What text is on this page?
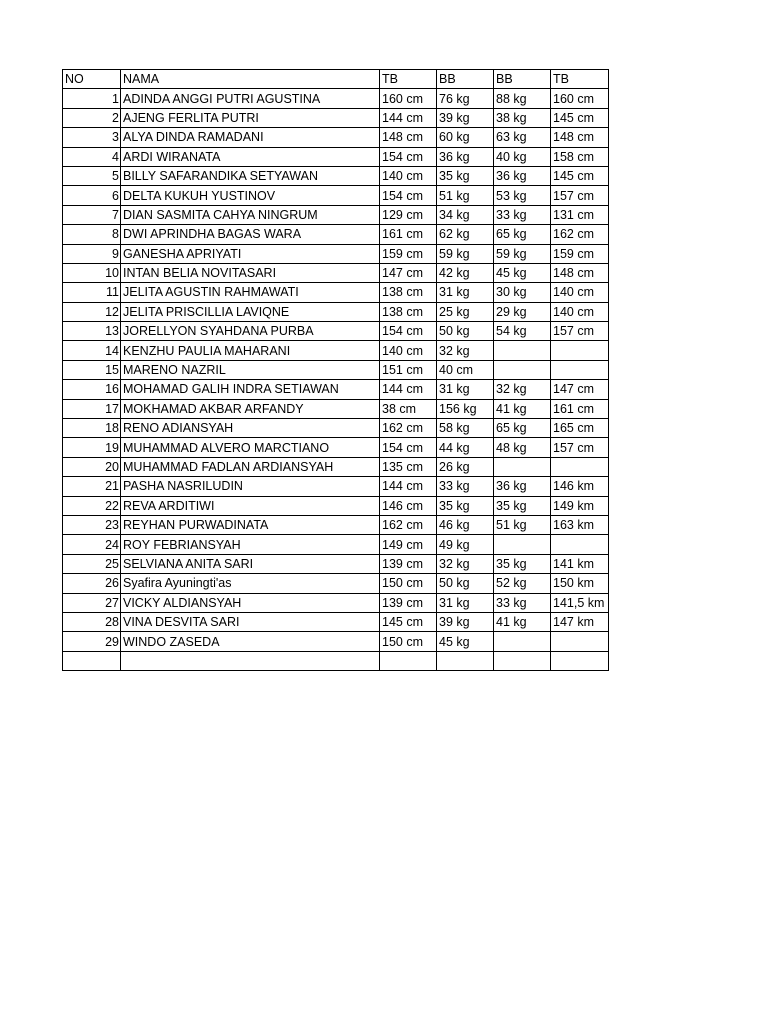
NO	NAMA	TB	BB	BB	TB
1	ADINDA ANGGI PUTRI AGUSTINA	160 cm	76 kg	88 kg	160 cm
2	AJENG FERLITA PUTRI	144 cm	39 kg	38 kg	145 cm
3	ALYA DINDA RAMADANI	148 cm	60 kg	63 kg	148 cm
4	ARDI WIRANATA	154 cm	36 kg	40 kg	158 cm
5	BILLY SAFARANDIKA SETYAWAN	140 cm	35 kg	36 kg	145 cm
6	DELTA KUKUH YUSTINOV	154 cm	51 kg	53 kg	157 cm
7	DIAN SASMITA CAHYA NINGRUM	129 cm	34 kg	33 kg	131 cm
8	DWI APRINDHA BAGAS WARA	161 cm	62 kg	65 kg	162 cm
9	GANESHA APRIYATI	159 cm	59 kg	59 kg	159 cm
10	INTAN BELIA NOVITASARI	147 cm	42 kg	45 kg	148 cm
11	JELITA AGUSTIN RAHMAWATI	138 cm	31 kg	30 kg	140 cm
12	JELITA PRISCILLIA LAVIQNE	138 cm	25 kg	29 kg	140 cm
13	JORELLYON SYAHDANA PURBA	154 cm	50 kg	54 kg	157 cm
14	KENZHU PAULIA MAHARANI	140 cm	32 kg		
15	MARENO NAZRIL	151 cm	40 cm		
16	MOHAMAD GALIH INDRA SETIAWAN	144 cm	31 kg	32 kg	147 cm
17	MOKHAMAD AKBAR ARFANDY	38 cm	156 kg	41 kg	161 cm
18	RENO ADIANSYAH	162 cm	58 kg	65 kg	165 cm
19	MUHAMMAD ALVERO MARCTIANO	154 cm	44 kg	48 kg	157 cm
20	MUHAMMAD FADLAN ARDIANSYAH	135 cm	26 kg		
21	PASHA NASRILUDIN	144 cm	33 kg	36 kg	146 km
22	REVA ARDITIWI	146 cm	35 kg	35 kg	149 km
23	REYHAN PURWADINATA	162 cm	46 kg	51 kg	163 km
24	ROY FEBRIANSYAH	149 cm	49 kg		
25	SELVIANA ANITA SARI	139 cm	32 kg	35 kg	141 km
26	Syafira Ayuningti'as	150 cm	50 kg	52 kg	150 km
27	VICKY ALDIANSYAH	139 cm	31 kg	33 kg	141,5 km
28	VINA DESVITA SARI	145 cm	39 kg	41 kg	147 km
29	WINDO ZASEDA	150 cm	45 kg		
